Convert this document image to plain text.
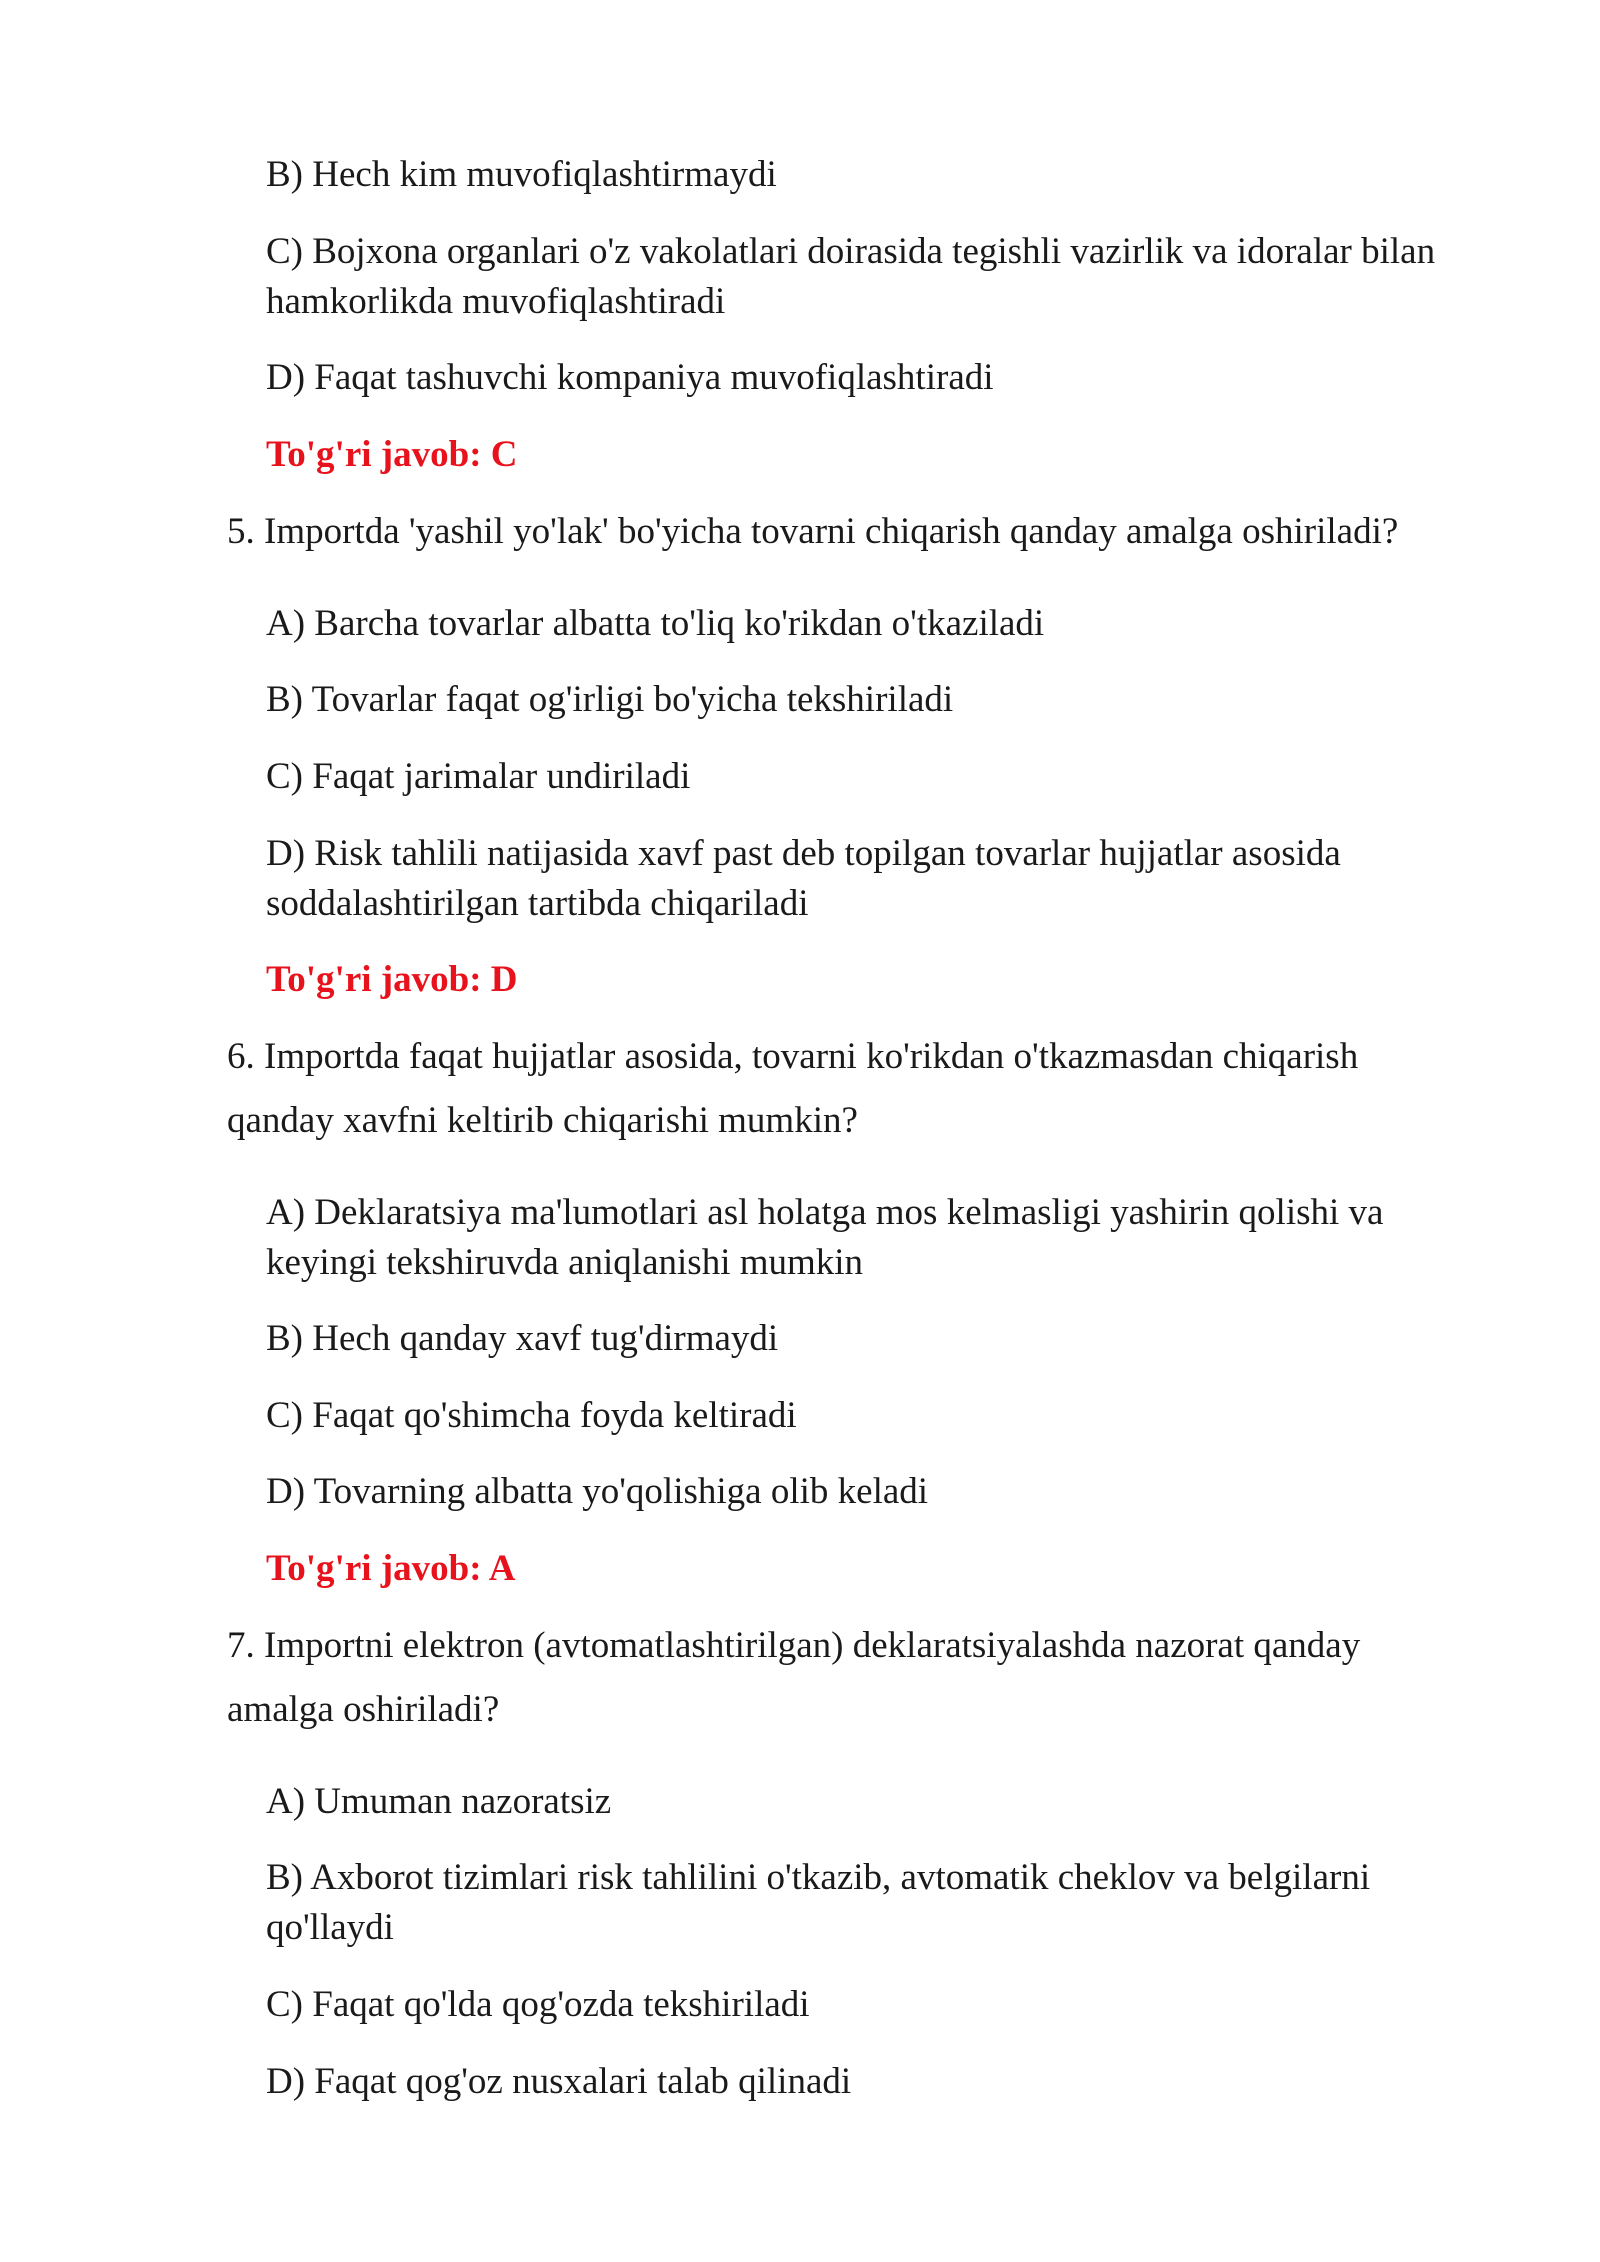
B) Hech kim muvofiqlashtirmaydi

C) Bojxona organlari o'z vakolatlari doirasida tegishli vazirlik va idoralar bilan hamkorlikda muvofiqlashtiradi

D) Faqat tashuvchi kompaniya muvofiqlashtiradi

To'g'ri javob: C

5. Importda 'yashil yo'lak' bo'yicha tovarni chiqarish qanday amalga oshiriladi?

A) Barcha tovarlar albatta to'liq ko'rikdan o'tkaziladi

B) Tovarlar faqat og'irligi bo'yicha tekshiriladi

C) Faqat jarimalar undiriladi

D) Risk tahlili natijasida xavf past deb topilgan tovarlar hujjatlar asosida soddalashtirilgan tartibda chiqariladi

To'g'ri javob: D

6. Importda faqat hujjatlar asosida, tovarni ko'rikdan o'tkazmasdan chiqarish qanday xavfni keltirib chiqarishi mumkin?

A) Deklaratsiya ma'lumotlari asl holatga mos kelmasligi yashirin qolishi va keyingi tekshiruvda aniqlanishi mumkin

B) Hech qanday xavf tug'dirmaydi

C) Faqat qo'shimcha foyda keltiradi

D) Tovarning albatta yo'qolishiga olib keladi

To'g'ri javob: A

7. Importni elektron (avtomatlashtirilgan) deklaratsiyalashda nazorat qanday amalga oshiriladi?

A) Umuman nazoratsiz

B) Axborot tizimlari risk tahlilini o'tkazib, avtomatik cheklov va belgilarni qo'llaydi

C) Faqat qo'lda qog'ozda tekshiriladi

D) Faqat qog'oz nusxalari talab qilinadi
